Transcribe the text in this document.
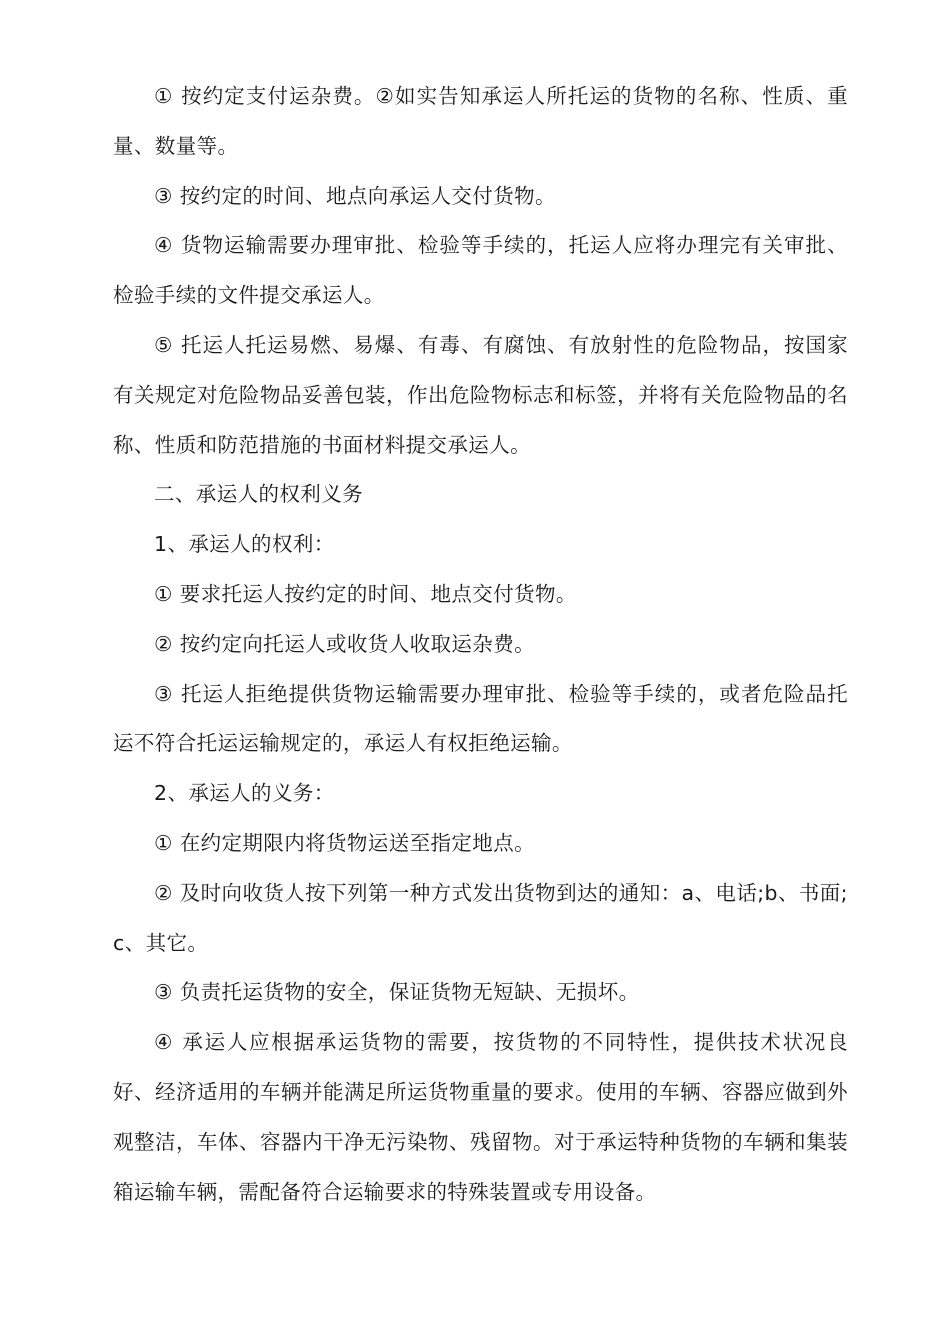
① 按约定支付运杂费。②如实告知承运人所托运的货物的名称、性质、重量、数量等。

③ 按约定的时间、地点向承运人交付货物。

④ 货物运输需要办理审批、检验等手续的，托运人应将办理完有关审批、检验手续的文件提交承运人。

⑤ 托运人托运易燃、易爆、有毒、有腐蚀、有放射性的危险物品，按国家有关规定对危险物品妥善包装，作出危险物标志和标签，并将有关危险物品的名称、性质和防范措施的书面材料提交承运人。

二、承运人的权利义务

1、承运人的权利：

① 要求托运人按约定的时间、地点交付货物。

② 按约定向托运人或收货人收取运杂费。

③ 托运人拒绝提供货物运输需要办理审批、检验等手续的，或者危险品托运不符合托运运输规定的，承运人有权拒绝运输。

2、承运人的义务：

① 在约定期限内将货物运送至指定地点。

② 及时向收货人按下列第一种方式发出货物到达的通知：a、电话;b、书面;c、其它。

③ 负责托运货物的安全，保证货物无短缺、无损坏。

④ 承运人应根据承运货物的需要，按货物的不同特性，提供技术状况良好、经济适用的车辆并能满足所运货物重量的要求。使用的车辆、容器应做到外观整洁，车体、容器内干净无污染物、残留物。对于承运特种货物的车辆和集装箱运输车辆，需配备符合运输要求的特殊装置或专用设备。
